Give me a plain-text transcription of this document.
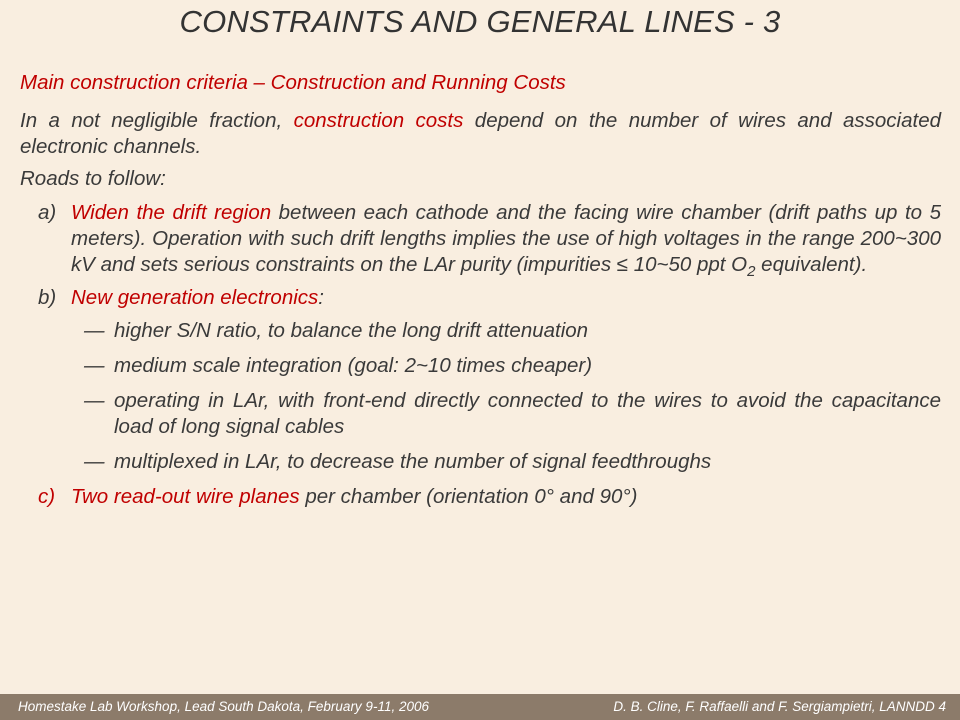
CONSTRAINTS AND GENERAL LINES - 3

Main construction criteria – Construction and Running Costs

In a not negligible fraction, construction costs depend on the number of wires and associated electronic channels.

Roads to follow:

a) Widen the drift region between each cathode and the facing wire chamber (drift paths up to 5 meters). Operation with such drift lengths implies the use of high voltages in the range 200~300 kV and sets serious constraints on the LAr purity (impurities ≤ 10~50 ppt $O_2$ equivalent).
b) New generation electronics:
— higher S/N ratio, to balance the long drift attenuation
— medium scale integration (goal: 2~10 times cheaper)
— operating in LAr, with front-end directly connected to the wires to avoid the capacitance load of long signal cables
— multiplexed in LAr, to decrease the number of signal feedthroughs
c) Two read-out wire planes per chamber (orientation 0° and 90°)
Homestake Lab Workshop, Lead South Dakota, February 9-11, 2006	D. B. Cline, F. Raffaelli and F. Sergiampietri, LANNDD 4
